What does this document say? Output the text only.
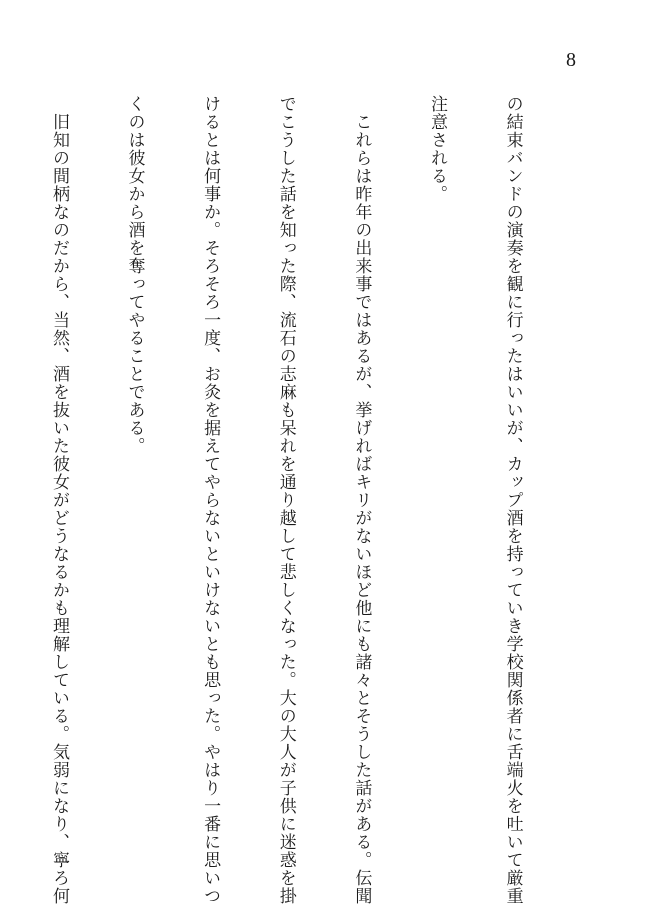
8

の結束バンドの演奏を観に行ったはいいが、カップ酒を持っていき学校関係者に舌端火を吐いて厳重

注意される。

　これらは昨年の出来事ではあるが、挙げればキリがないほど他にも諸々とそうした話がある。伝聞

でこうした話を知った際、流石の志麻も呆れを通り越して悲しくなった。大の大人が子供に迷惑を掛

けるとは何事か。そろそろ一度、お灸を据えてやらないといけないとも思った。やはり一番に思いつ

くのは彼女から酒を奪ってやることである。

　旧知の間柄なのだから、当然、酒を抜いた彼女がどうなるかも理解している。気弱になり、寧ろ何
